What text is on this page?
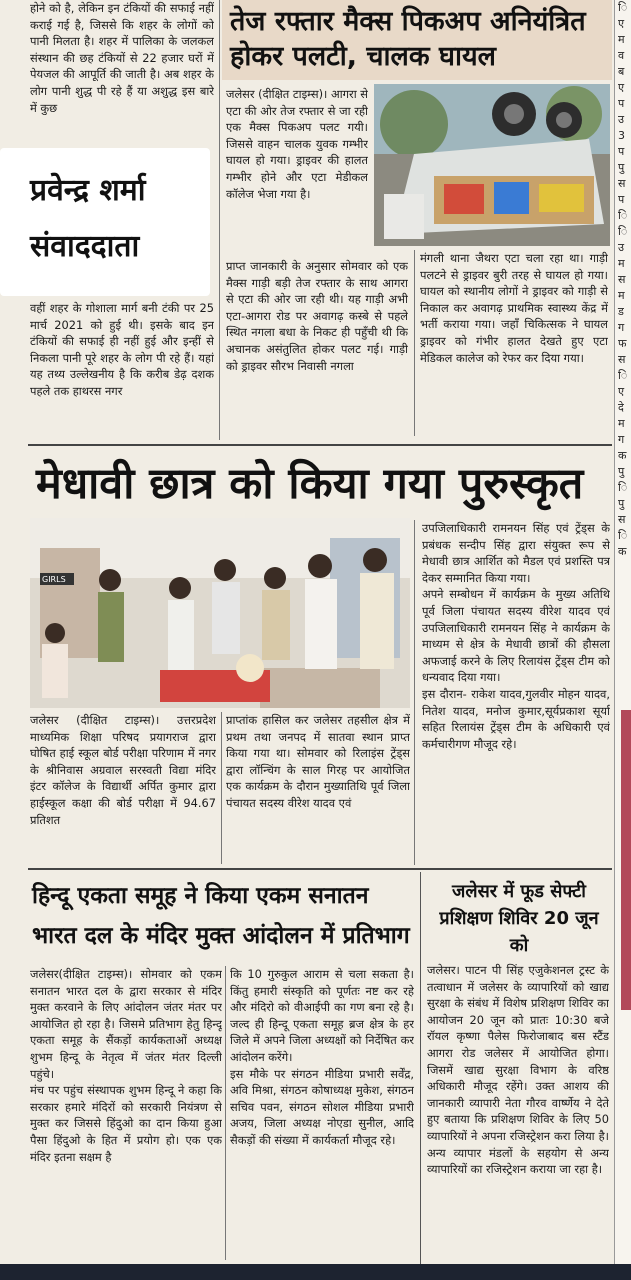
होने को है, लेकिन इन टंकियों की सफाई नहीं कराई गई है, जिससे कि शहर के लोगों को पानी मिलता है। शहर में पालिका के जलकल संस्थान की छह टंकियों से 22 हजार घरों में पेयजल की आपूर्ति की जाती है। अब शहर के लोग पानी शुद्ध पी रहे हैं या अशुद्ध इस बारे में कुछ
प्रवेन्द्र शर्मा
संवाददाता
वहीं शहर के गोशाला मार्ग बनी टंकी पर 25 मार्च 2021 को हुई थी। इसके बाद इन टंकियों की सफाई ही नहीं हुई और इन्हीं से निकला पानी पूरे शहर के लोग पी रहे हैं। यहां यह तथ्य उल्लेखनीय है कि करीब डेढ़ दशक पहले तक हाथरस नगर
तेज रफ्तार मैक्स पिकअप अनियंत्रित होकर पलटी, चालक घायल

जलेसर (दीक्षित टाइम्स)। आगरा से एटा की ओर तेज रफ्तार से जा रही एक मैक्स पिकअप पलट गयी। जिससे वाहन चालक युवक गम्भीर घायल हो गया। ड्राइवर की हालत गम्भीर होने और एटा मेडीकल कॉलेज भेजा गया है।

प्राप्त जानकारी के अनुसार सोमवार को एक मैक्स गाड़ी बड़ी तेज रफ्तार के साथ आगरा से एटा की ओर जा रही थी। यह गाड़ी अभी एटा-आगरा रोड पर अवागढ़ कस्बे से पहले स्थित नगला बधा के निकट ही पहुँची थी कि अचानक असंतुलित होकर पलट गई। गाड़ी को ड्राइवर सौरभ निवासी नगला

मंगली थाना जैथरा एटा चला रहा था। गाड़ी पलटने से ड्राइवर बुरी तरह से घायल हो गया। घायल को स्थानीय लोगों ने ड्राइवर को गाड़ी से निकाल कर अवागढ़ प्राथमिक स्वास्थ्य केंद्र में भर्ती कराया गया। जहाँ चिकित्सक ने घायल ड्राइवर को गंभीर हालत देखते हुए एटा मेडिकल कालेज को रेफर कर दिया गया।

ि
ए
म
व
ब
ए
प
उ
3
प
पु
स
प
ि
ि
उ
म
स
म
ड
ग
फ
स
ि
ए
दे
म
ग
क
पु
ि
पु
स
ि
क
मेधावी छात्र को किया गया पुरुस्कृत
GIRLS

उपजिलाधिकारी रामनयन सिंह एवं ट्रेंड्स के प्रबंधक सन्दीप सिंह द्वारा संयुक्त रूप से मेधावी छात्र आर्शित को मैडल एवं प्रशस्ति पत्र देकर सम्मानित किया गया।

अपने सम्बोधन में कार्यक्रम के मुख्य अतिथि पूर्व जिला पंचायत सदस्य वीरेश यादव एवं उपजिलाधिकारी रामनयन सिंह ने कार्यक्रम के माध्यम से क्षेत्र के मेधावी छात्रों की हौसला अफजाई करने के लिए रिलायंस ट्रेंड्स टीम को धन्यवाद दिया गया।

इस दौरान- राकेश यादव,गुलवीर मोहन यादव, नितेश यादव, मनोज कुमार,सूर्यप्रकाश सूर्या सहित रिलायंस ट्रेंड्स टीम के अधिकारी एवं कर्मचारीगण मौजूद रहे।

जलेसर (दीक्षित टाइम्स)। उत्तरप्रदेश माध्यमिक शिक्षा परिषद प्रयागराज द्वारा घोषित हाई स्कूल बोर्ड परीक्षा परिणाम में नगर के श्रीनिवास अग्रवाल सरस्वती विद्या मंदिर इंटर कॉलेज के विद्यार्थी अर्पित कुमार द्वारा हाईस्कूल कक्षा की बोर्ड परीक्षा में 94.67 प्रतिशत

प्राप्तांक हासिल कर जलेसर तहसील क्षेत्र में प्रथम तथा जनपद में सातवा स्थान प्राप्त किया गया था। सोमवार को रिलाइंस ट्रेंड्स द्वारा लॉन्चिंग के साल गिरह पर आयोजित एक कार्यक्रम के दौरान मुख्यातिथि पूर्व जिला पंचायत सदस्य वीरेश यादव एवं

हिन्दू एकता समूह ने किया एकम सनातन भारत दल के मंदिर मुक्त आंदोलन में प्रतिभाग

जलेसर(दीक्षित टाइम्स)। सोमवार को एकम सनातन भारत दल के द्वारा सरकार से मंदिर मुक्त करवाने के लिए आंदोलन जंतर मंतर पर आयोजित हो रहा है। जिसमे प्रतिभाग हेतु हिन्दू एकता समूह के सैंकड़ों कार्यकताओं अध्यक्ष शुभम हिन्दू के नेतृत्व में जंतर मंतर दिल्ली पहुंचे।

मंच पर पहुंच संस्थापक शुभम हिन्दू ने कहा कि सरकार हमारे मंदिरों को सरकारी नियंत्रण से मुक्त कर जिससे हिंदुओ का दान किया हुआ पैसा हिंदुओ के हित में प्रयोग हो। एक एक मंदिर इतना सक्षम है

कि 10 गुरुकुल आराम से चला सकता है। किंतु हमारी संस्कृति को पूर्णतः नष्ट कर रहे और मंदिरो को वीआईपी का गण बना रहे है। जल्द ही हिन्दू एकता समूह ब्रज क्षेत्र के हर जिले में अपने जिला अध्यक्षों को निर्देषित कर आंदोलन करेंगे।

इस मौके पर संगठन मीडिया प्रभारी सर्वेंद्र, अवि मिश्रा, संगठन कोषाध्यक्ष मुकेश, संगठन सचिव पवन, संगठन सोशल मीडिया प्रभारी अजय, जिला अध्यक्ष नोएडा सुनील, आदि सैकड़ों की संख्या में कार्यकर्ता मौजूद रहे।

जलेसर में फूड सेफ्टी प्रशिक्षण शिविर 20 जून को
जलेसर। पाटन पी सिंह एजुकेशनल ट्रस्ट के तत्वाधान में जलेसर के व्यापारियों को खाद्य सुरक्षा के संबंध में विशेष प्रशिक्षण शिविर का आयोजन 20 जून को प्रातः 10:30 बजे रॉयल कृष्णा पैलेस फिरोजाबाद बस स्टैंड आगरा रोड जलेसर में आयोजित होगा। जिसमें खाद्य सुरक्षा विभाग के वरिष्ठ अधिकारी मौजूद रहेंगे। उक्त आशय की जानकारी व्यापारी नेता गौरव वार्ष्णेय ने देते हुए बताया कि प्रशिक्षण शिविर के लिए 50 व्यापारियों ने अपना रजिस्ट्रेशन करा लिया है। अन्य व्यापार मंडलों के सहयोग से अन्य व्यापारियों का रजिस्ट्रेशन कराया जा रहा है।
